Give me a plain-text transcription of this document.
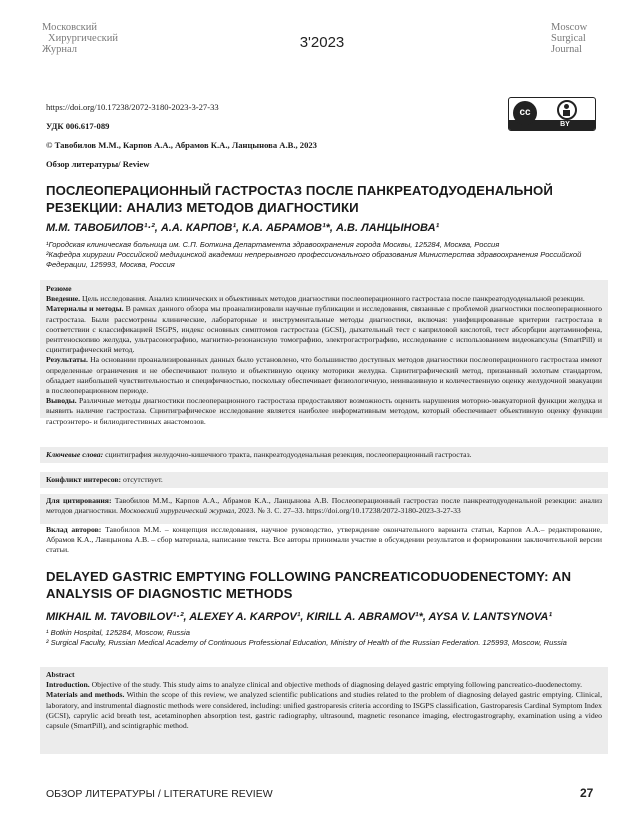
Московский
Хирургический
Журнал	3'2023
Moscow
Surgical
Journal
https://doi.org/10.17238/2072-3180-2023-3-27-33
УДК 006.617-089
© Тавобилов М.М., Карпов А.А., Абрамов К.А., Ланцынова А.В., 2023
Обзор литературы/ Review
cc
BY
ПОСЛЕОПЕРАЦИОННЫЙ ГАСТРОСТАЗ ПОСЛЕ ПАНКРЕАТОДУОДЕНАЛЬНОЙ РЕЗЕКЦИИ: АНАЛИЗ МЕТОДОВ ДИАГНОСТИКИ
М.М. ТАВОБИЛОВ¹·², А.А. КАРПОВ¹, К.А. АБРАМОВ¹*, А.В. ЛАНЦЫНОВА¹
¹Городская клиническая больница им. С.П. Боткина Департамента здравоохранения города Москвы, 125284, Москва, Россия
²Кафедра хирургии Российской медицинской академии непрерывного профессионального образования Министерства здравоохранения Российской Федерации, 125993, Москва, Россия

Резюме

Введение. Цель исследования. Анализ клинических и объективных методов диагностики послеоперационного гастростаза после панкреатодуоденальной резекции.

Материалы и методы. В рамках данного обзора мы проанализировали научные публикации и исследования, связанные с проблемой диагностики послеоперационного гастростаза. Были рассмотрены клинические, лабораторные и инструментальные методы диагностики, включая: унифицированные критерии гастростаза в соответствии с классификацией ISGPS, индекс основных симптомов гастростаза (GCSI), дыхательный тест с каприловой кислотой, тест абсорбции ацетаминофена, рентгеноскопию желудка, ультрасонографию, магнитно-резонансную томографию, электрогастрографию, исследование с использованием видеокапсулы (SmartPill) и сцинтиграфический метод.

Результаты. На основании проанализированных данных было установлено, что большинство доступных методов диагностики послеоперационного гастростаза имеют определенные ограничения и не обеспечивают полную и объективную оценку моторики желудка. Сцинтиграфический метод, признанный золотым стандартом, обладает наибольшей чувствительностью и специфичностью, поскольку обеспечивает физиологичную, неинвазивную и количественную оценку желудочной эвакуации в послеоперационном периоде.

Выводы. Различные методы диагностики послеоперационного гастростаза предоставляют возможность оценить нарушения моторно-эвакуаторной функции желудка и выявить наличие гастростаза. Сцинтиграфическое исследование является наиболее информативным методом, который обеспечивает объективную оценку функции гастроэнтеро- и билиодигестивных анастомозов.

Ключевые слова: сцинтиграфия желудочно-кишечного тракта, панкреатодуоденальная резекция, послеоперационный гастростаз.

Конфликт интересов: отсутствует.

Для цитирования: Тавобилов М.М., Карпов А.А., Абрамов К.А., Ланцынова А.В. Послеоперационный гастростаз после панкреатодуоденальной резекции: анализ методов диагностики. Московский хирургический журнал, 2023. № 3. С. 27–33. https://doi.org/10.17238/2072-3180-2023-3-27-33

Вклад авторов: Тавобилов М.М. – концепция исследования, научное руководство, утверждение окончательного варианта статьи, Карпов А.А.– редактирование, Абрамов К.А., Ланцынова А.В. – сбор материала, написание текста. Все авторы принимали участие в обсуждении результатов и формировании заключительной версии статьи.

DELAYED GASTRIC EMPTYING FOLLOWING PANCREATICODUODENECTOMY: AN ANALYSIS OF DIAGNOSTIC METHODS
MIKHAIL M. TAVOBILOV¹·², ALEXEY A. KARPOV¹, KIRILL A. ABRAMOV¹*, AYSA V. LANTSYNOVA¹
¹ Botkin Hospital, 125284, Moscow, Russia
² Surgical Faculty, Russian Medical Academy of Continuous Professional Education, Ministry of Health of the Russian Federation. 125993, Moscow, Russia

Abstract

Introduction. Objective of the study. This study aims to analyze clinical and objective methods of diagnosing delayed gastric emptying following pancreatico-duodenectomy.

Materials and methods. Within the scope of this review, we analyzed scientific publications and studies related to the problem of diagnosing delayed gastric emptying. Clinical, laboratory, and instrumental diagnostic methods were considered, including: unified gastroparesis criteria according to ISGPS classification, Gastroparesis Cardinal Symptom Index (GCSI), caprylic acid breath test, acetaminophen absorption test, gastric radiography, ultrasound, magnetic resonance imaging, electrogastrography, examination using a video capsule (SmartPill), and scintigraphic method.

ОБЗОР ЛИТЕРАТУРЫ / LITERATURE REVIEW	27
